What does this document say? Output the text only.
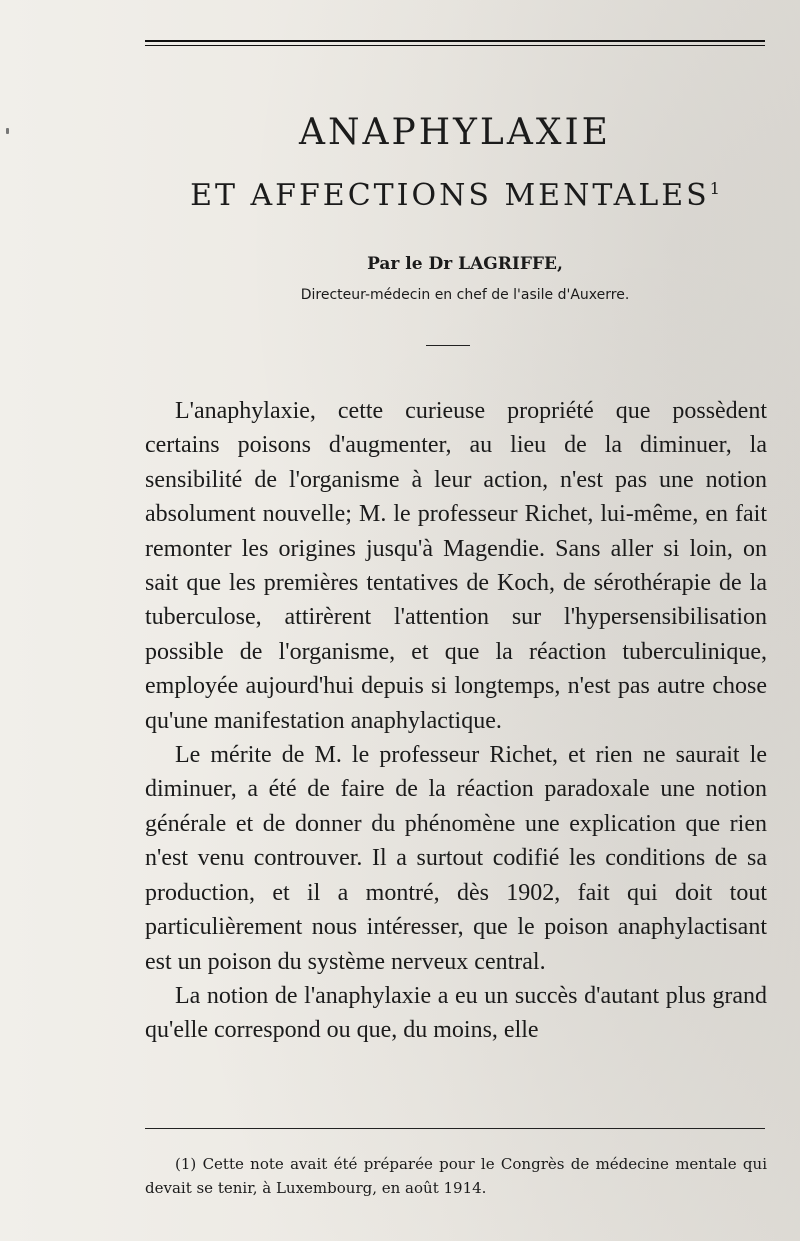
ANAPHYLAXIE
ET AFFECTIONS MENTALES$^1$
Par le Dr LAGRIFFE,
Directeur-médecin en chef de l'asile d'Auxerre.

L'anaphylaxie, cette curieuse propriété que possèdent certains poisons d'augmenter, au lieu de la diminuer, la sensibilité de l'organisme à leur action, n'est pas une notion absolument nouvelle; M. le professeur Richet, lui-même, en fait remonter les origines jusqu'à Magendie. Sans aller si loin, on sait que les premières tentatives de Koch, de sérothérapie de la tuberculose, attirèrent l'attention sur l'hypersensibilisation possible de l'organisme, et que la réaction tuberculinique, employée aujourd'hui depuis si longtemps, n'est pas autre chose qu'une manifestation anaphylactique.

Le mérite de M. le professeur Richet, et rien ne saurait le diminuer, a été de faire de la réaction paradoxale une notion générale et de donner du phénomène une explication que rien n'est venu controuver. Il a surtout codifié les conditions de sa production, et il a montré, dès 1902, fait qui doit tout particulièrement nous intéresser, que le poison anaphylactisant est un poison du système nerveux central.

La notion de l'anaphylaxie a eu un succès d'autant plus grand qu'elle correspond ou que, du moins, elle

(1) Cette note avait été préparée pour le Congrès de médecine mentale qui devait se tenir, à Luxembourg, en août 1914.
